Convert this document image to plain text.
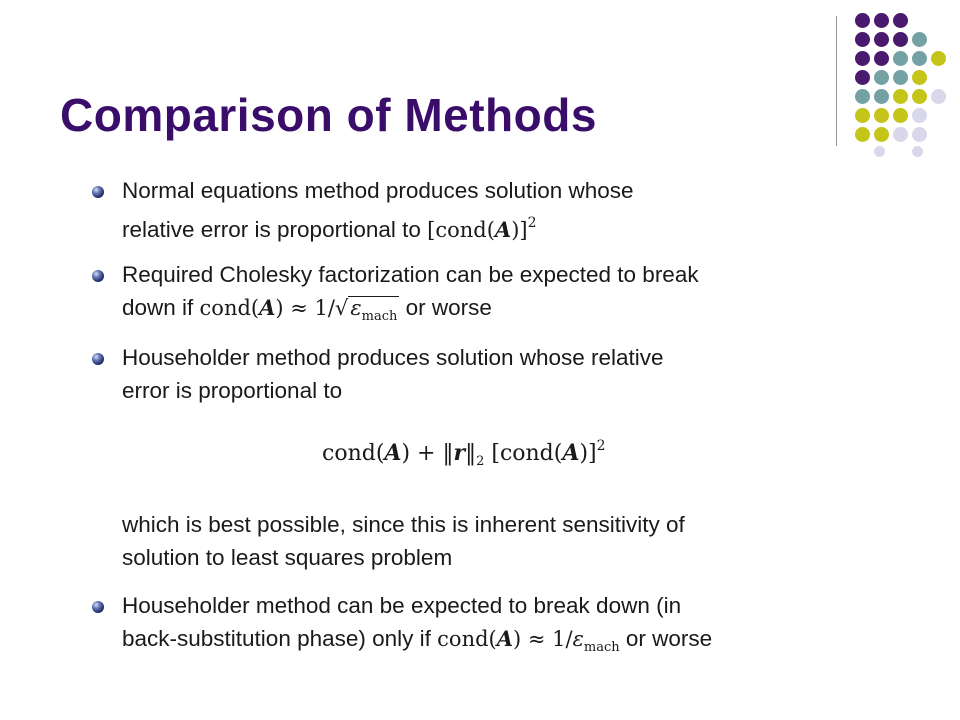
Comparison of Methods
Normal equations method produces solution whose
relative error is proportional to [cond(A)]$^2$
Required Cholesky factorization can be expected to break
down if cond(A) ≈ $1/√\varepsilon_{mach}$ or worse
Householder method produces solution whose relative
error is proportional to
cond(A) + $‖r‖_2$ [cond(A)]$^2$
which is best possible, since this is inherent sensitivity of
solution to least squares problem
Householder method can be expected to break down (in
back-substitution phase) only if cond(A) ≈ $1/\varepsilon_{mach}$ or worse
